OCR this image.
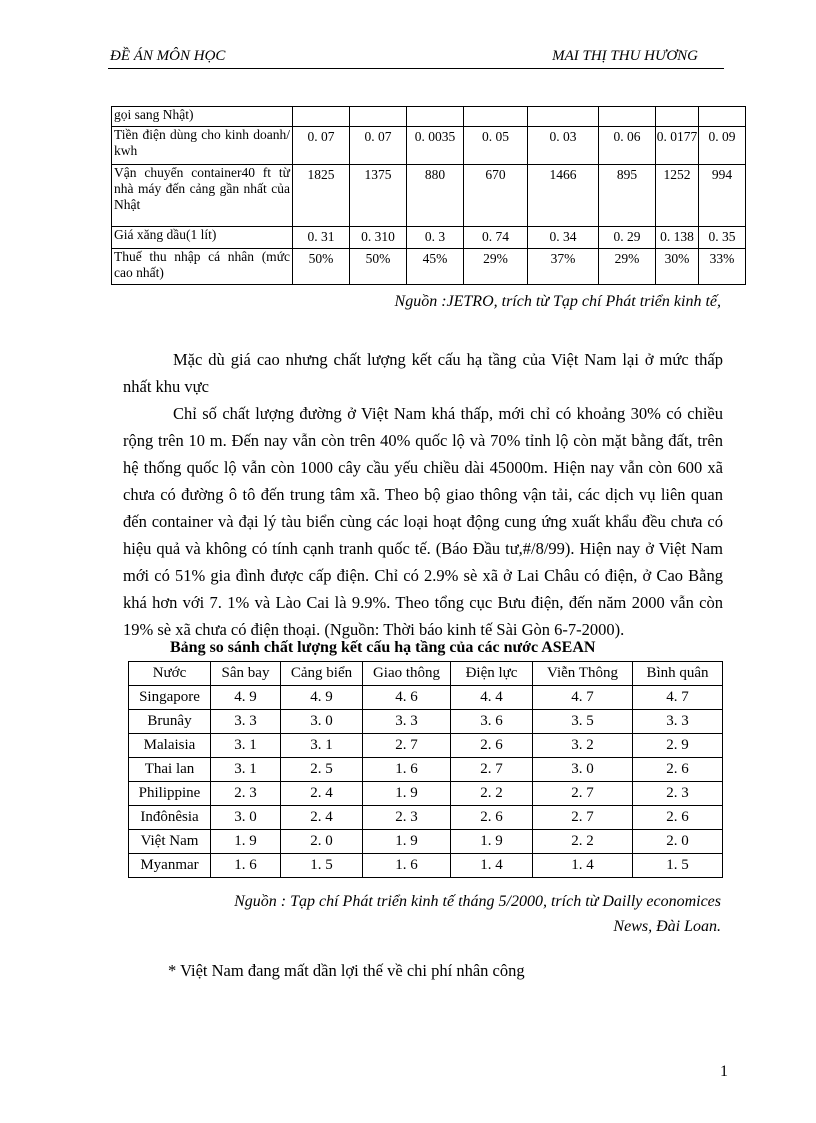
ĐỀ ÁN MÔN HỌC	MAI THỊ THU HƯƠNG
gọi sang Nhật)								
Tiền điện dùng cho kinh doanh/ kwh	0. 07	0. 07	0. 0035	0. 05	0. 03	0. 06	0. 0177	0. 09
Vận chuyển container40 ft từ nhà máy đến cảng gần nhất của Nhật	1825	1375	880	670	1466	895	1252	994
Giá xăng dầu(1 lít)	0. 31	0. 310	0. 3	0. 74	0. 34	0. 29	0. 138	0. 35
Thuế thu nhập cá nhân (mức cao nhất)	50%	50%	45%	29%	37%	29%	30%	33%
Nguồn :JETRO, trích từ Tạp chí Phát triển kinh tế,

Mặc dù giá cao nhưng chất lượng kết cấu hạ tầng của Việt Nam lại ở mức thấp nhất khu vực

Chỉ số chất lượng đường ở Việt Nam khá thấp, mới chỉ có khoảng 30% có chiều rộng trên 10 m. Đến nay vẫn còn trên 40% quốc lộ và 70% tỉnh lộ còn mặt bằng đất, trên hệ thống quốc lộ vẫn còn 1000 cây cầu yếu chiều dài 45000m. Hiện nay vẫn còn 600 xã chưa có đường ô tô đến trung tâm xã. Theo bộ giao thông vận tải, các dịch vụ liên quan đến container và đại lý tàu biển cùng các loại hoạt động cung ứng xuất khẩu đều chưa có hiệu quả và không có tính cạnh tranh quốc tế. (Báo Đầu tư,#/8/99). Hiện nay ở Việt Nam mới có 51% gia đình được cấp điện. Chỉ có 2.9% sè xã ở Lai Châu có điện, ở Cao Bằng khá hơn với 7. 1% và Lào Cai là 9.9%. Theo tổng cục Bưu điện, đến năm 2000 vẫn còn 19% sè xã chưa có điện thoại. (Nguồn: Thời báo kinh tế Sài Gòn 6-7-2000).

Bảng so sánh chất lượng kết cấu hạ tầng của các nước ASEAN
Nước	Sân bay	Cảng biển	Giao thông	Điện lực	Viễn Thông	Bình quân
Singapore	4. 9	4. 9	4. 6	4. 4	4. 7	4. 7
Brunây	3. 3	3. 0	3. 3	3. 6	3. 5	3. 3
Malaisia	3. 1	3. 1	2. 7	2. 6	3. 2	2. 9
Thai lan	3. 1	2. 5	1. 6	2. 7	3. 0	2. 6
Philippine	2. 3	2. 4	1. 9	2. 2	2. 7	2. 3
Inđônêsia	3. 0	2. 4	2. 3	2. 6	2. 7	2. 6
Việt Nam	1. 9	2. 0	1. 9	1. 9	2. 2	2. 0
Myanmar	1. 6	1. 5	1. 6	1. 4	1. 4	1. 5
Nguồn : Tạp chí Phát triển kinh tế tháng 5/2000, trích từ Dailly economices News, Đài Loan.
* Việt Nam đang mất dần lợi thế về chi phí nhân công
1
